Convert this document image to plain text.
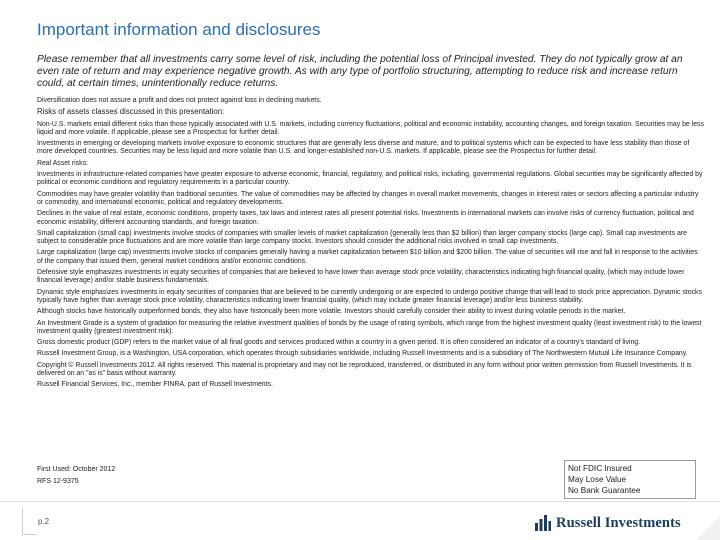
Important information and disclosures

Please remember that all investments carry some level of risk, including the potential loss of Principal invested. They do not typically grow at an even rate of return and may experience negative growth. As with any type of portfolio structuring, attempting to reduce risk and increase return could, at certain times, unintentionally reduce returns.

Diversification does not assure a profit and does not protect against loss in declining markets.

Risks of assets classes discussed in this presentation:

Non-U.S. markets entail different risks than those typically associated with U.S. markets, including currency fluctuations, political and economic instability, accounting changes, and foreign taxation. Securities may be less liquid and more volatile. If applicable, please see a Prospectus for further detail.

Investments in emerging or developing markets involve exposure to economic structures that are generally less diverse and mature, and to political systems which can be expected to have less stability than those of more developed countries. Securities may be less liquid and more volatile than U.S. and longer-established non-U.S. markets. If applicable, please see the Prospectus for further detail.

Real Asset risks:

Investments in infrastructure-related companies have greater exposure to adverse economic, financial, regulatory, and political risks, including, governmental regulations. Global securities may be significantly affected by political or economic conditions and regulatory requirements in a particular country.

Commodities may have greater volatility than traditional securities. The value of commodities may be affected by changes in overall market movements, changes in interest rates or sectors affecting a particular industry or commodity, and international economic, political and regulatory developments.

Declines in the value of real estate, economic conditions, property taxes, tax laws and interest rates all present potential risks. Investments in international markets can involve risks of currency fluctuation, political and economic instability, different accounting standards, and foreign taxation.

Small capitalization (small cap) investments involve stocks of companies with smaller levels of market capitalization (generally less than $2 billion) than larger company stocks (large cap). Small cap investments are subject to considerable price fluctuations and are more volatile than large company stocks. Investors should consider the additional risks involved in small cap investments.

Large capitalization (large cap) investments involve stocks of companies generally having a market capitalization between $10 billion and $200 billion. The value of securities will rise and fall in response to the activities of the company that issued them, general market conditions and/or economic conditions.

Defensive style emphasizes investments in equity securities of companies that are believed to have lower than average stock price volatility, characteristics indicating high financial quality, (which may include lower financial leverage) and/or stable business fundamentals.

Dynamic style emphasizes investments in equity securities of companies that are believed to be currently undergoing or are expected to undergo positive change that will lead to stock price appreciation. Dynamic stocks typically have higher than average stock price volatility, characteristics indicating lower financial quality, (which may include greater financial leverage) and/or less business stability.

Although stocks have historically outperformed bonds, they also have historically been more volatile. Investors should carefully consider their ability to invest during volatile periods in the market.

An Investment Grade is a system of gradation for measuring the relative investment qualities of bonds by the usage of rating symbols, which range from the highest investment quality (least investment risk) to the lowest investment quality (greatest investment risk).

Gross domestic product (GDP) refers to the market value of all final goods and services produced within a country in a given period. It is often considered an indicator of a country's standard of living.

Russell Investment Group, is a Washington, USA corporation, which operates through subsidiaries worldwide, including Russell Investments and is a subsidiary of The Northwestern Mutual Life Insurance Company.

Copyright © Russell Investments 2012. All rights reserved. This material is proprietary and may not be reproduced, transferred, or distributed in any form without prior written permission from Russell Investments. It is delivered on an "as is" basis without warranty.

Russell Financial Services, Inc., member FINRA, part of Russell Investments.

First Used: October 2012
RFS 12-9375
Not FDIC Insured
May Lose Value
No Bank Guarantee
p.2	Russell Investments
